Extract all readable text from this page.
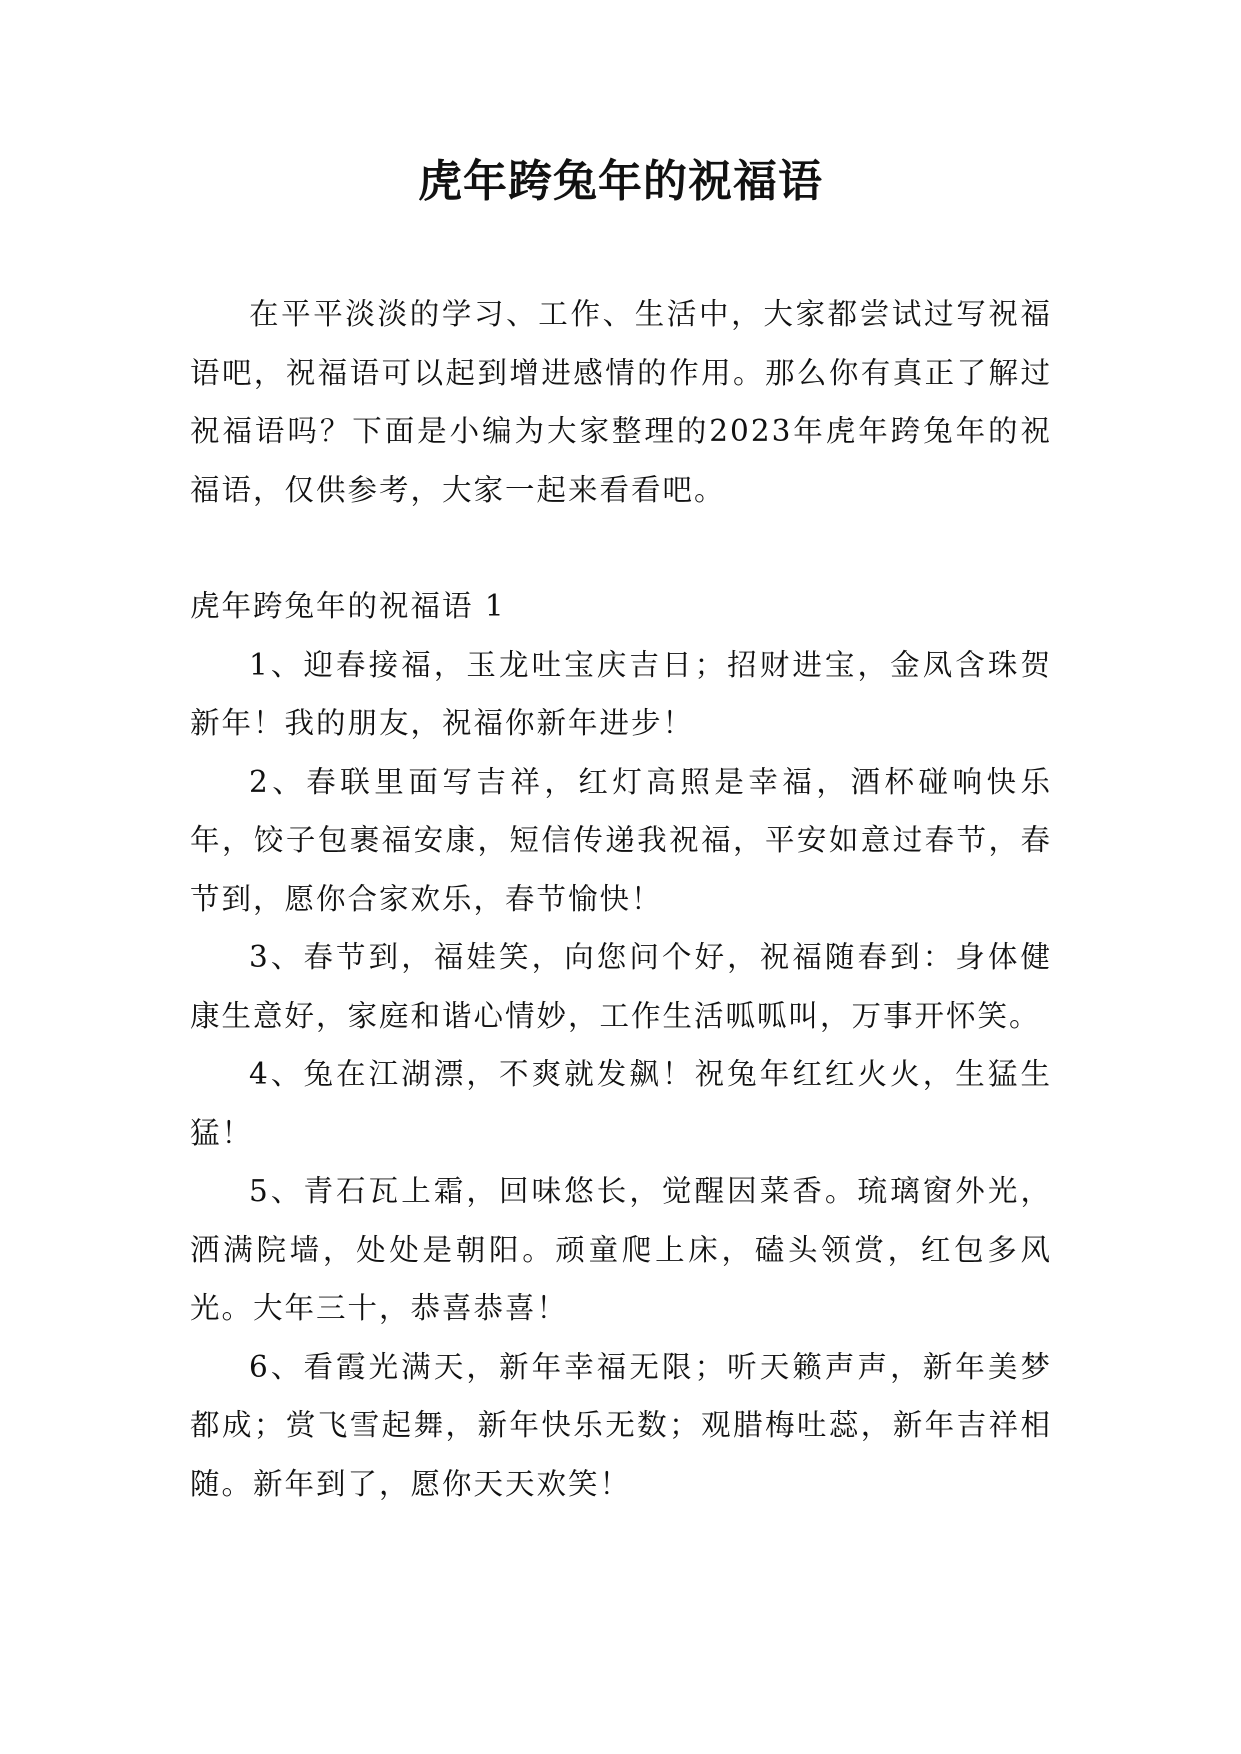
虎年跨兔年的祝福语

在平平淡淡的学习、工作、生活中，大家都尝试过写祝福语吧，祝福语可以起到增进感情的作用。那么你有真正了解过祝福语吗？下面是小编为大家整理的2023年虎年跨兔年的祝福语，仅供参考，大家一起来看看吧。

虎年跨兔年的祝福语 1

1、迎春接福，玉龙吐宝庆吉日；招财进宝，金凤含珠贺新年！我的朋友，祝福你新年进步！

2、春联里面写吉祥，红灯高照是幸福，酒杯碰响快乐年，饺子包裹福安康，短信传递我祝福，平安如意过春节，春节到，愿你合家欢乐，春节愉快！

3、春节到，福娃笑，向您问个好，祝福随春到：身体健康生意好，家庭和谐心情妙，工作生活呱呱叫，万事开怀笑。

4、兔在江湖漂，不爽就发飙！祝兔年红红火火，生猛生猛！

5、青石瓦上霜，回味悠长，觉醒因菜香。琉璃窗外光，洒满院墙，处处是朝阳。顽童爬上床，磕头领赏，红包多风光。大年三十，恭喜恭喜！

6、看霞光满天，新年幸福无限；听天籁声声，新年美梦都成；赏飞雪起舞，新年快乐无数；观腊梅吐蕊，新年吉祥相随。新年到了，愿你天天欢笑！
